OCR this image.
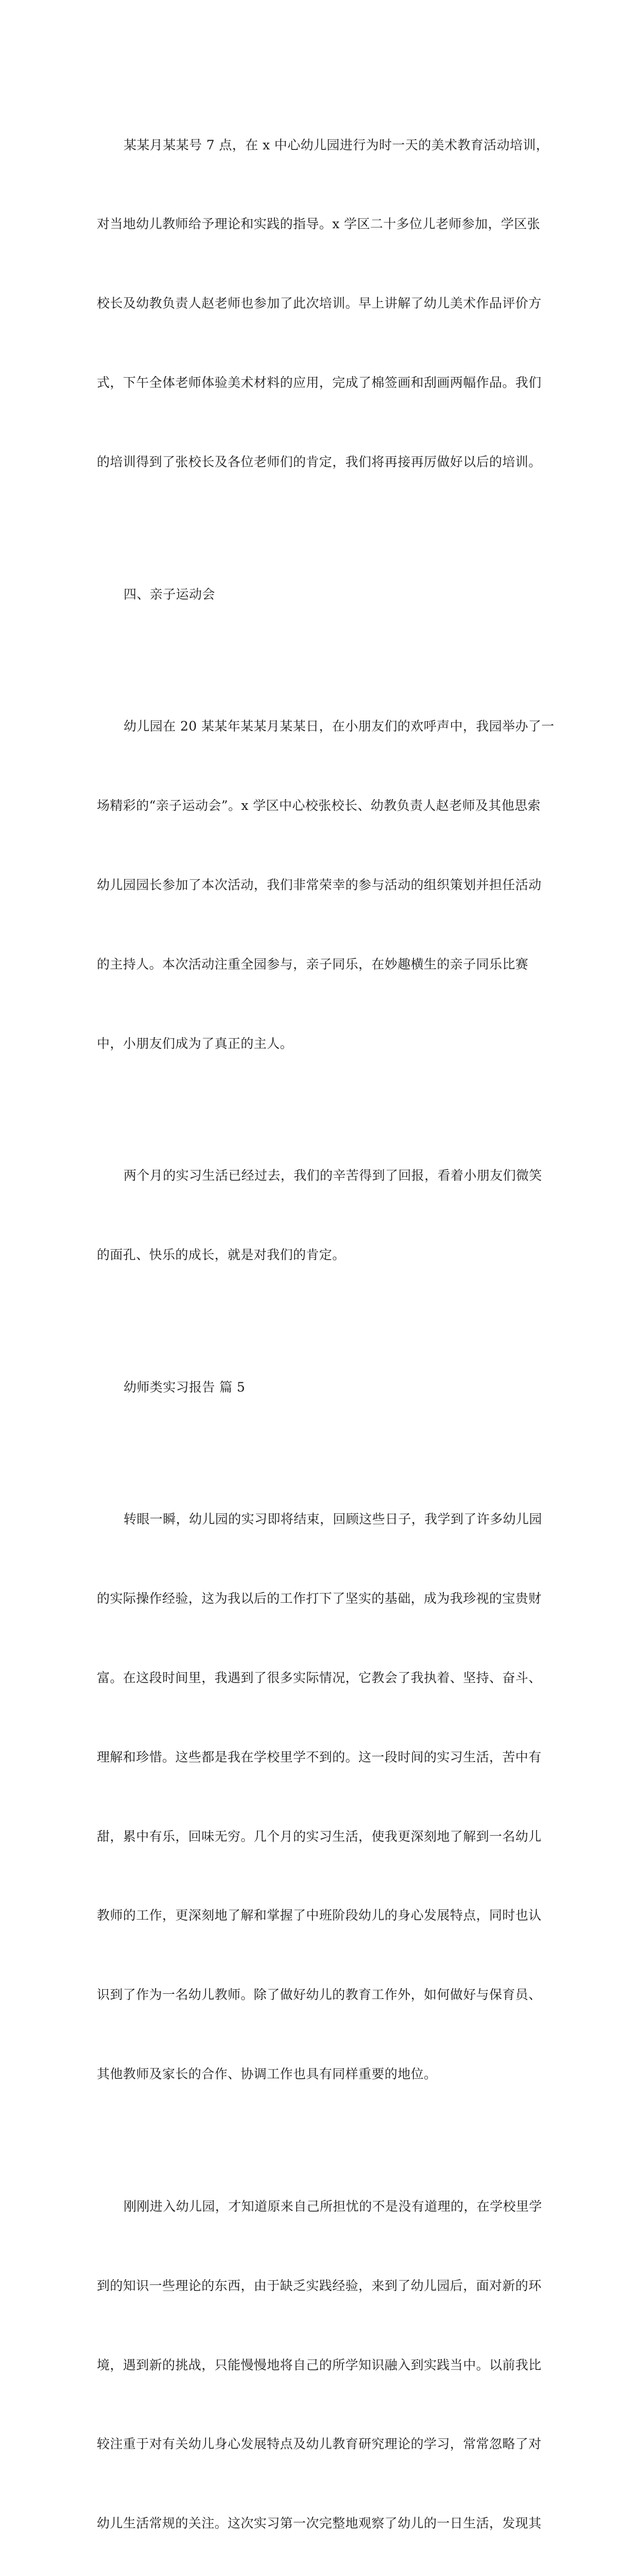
某某月某某号 7 点，在 x 中心幼儿园进行为时一天的美术教育活动培训，

对当地幼儿教师给予理论和实践的指导。x 学区二十多位儿老师参加，学区张

校长及幼教负责人赵老师也参加了此次培训。早上讲解了幼儿美术作品评价方

式，下午全体老师体验美术材料的应用，完成了棉签画和刮画两幅作品。我们

的培训得到了张校长及各位老师们的肯定，我们将再接再厉做好以后的培训。

四、亲子运动会

幼儿园在 20 某某年某某月某某日，在小朋友们的欢呼声中，我园举办了一

场精彩的“亲子运动会”。x 学区中心校张校长、幼教负责人赵老师及其他思索

幼儿园园长参加了本次活动，我们非常荣幸的参与活动的组织策划并担任活动

的主持人。本次活动注重全园参与，亲子同乐，在妙趣横生的亲子同乐比赛

中，小朋友们成为了真正的主人。

两个月的实习生活已经过去，我们的辛苦得到了回报，看着小朋友们微笑

的面孔、快乐的成长，就是对我们的肯定。

幼师类实习报告 篇 5

转眼一瞬，幼儿园的实习即将结束，回顾这些日子，我学到了许多幼儿园

的实际操作经验，这为我以后的工作打下了坚实的基础，成为我珍视的宝贵财

富。在这段时间里，我遇到了很多实际情况，它教会了我执着、坚持、奋斗、

理解和珍惜。这些都是我在学校里学不到的。这一段时间的实习生活，苦中有

甜，累中有乐，回味无穷。几个月的实习生活，使我更深刻地了解到一名幼儿

教师的工作，更深刻地了解和掌握了中班阶段幼儿的身心发展特点，同时也认

识到了作为一名幼儿教师。除了做好幼儿的教育工作外，如何做好与保育员、

其他教师及家长的合作、协调工作也具有同样重要的地位。

刚刚进入幼儿园，才知道原来自己所担忧的不是没有道理的，在学校里学

到的知识一些理论的东西，由于缺乏实践经验，来到了幼儿园后，面对新的环

境，遇到新的挑战，只能慢慢地将自己的所学知识融入到实践当中。以前我比

较注重于对有关幼儿身心发展特点及幼儿教育研究理论的学习，常常忽略了对

幼儿生活常规的关注。这次实习第一次完整地观察了幼儿的一日生活，发现其
